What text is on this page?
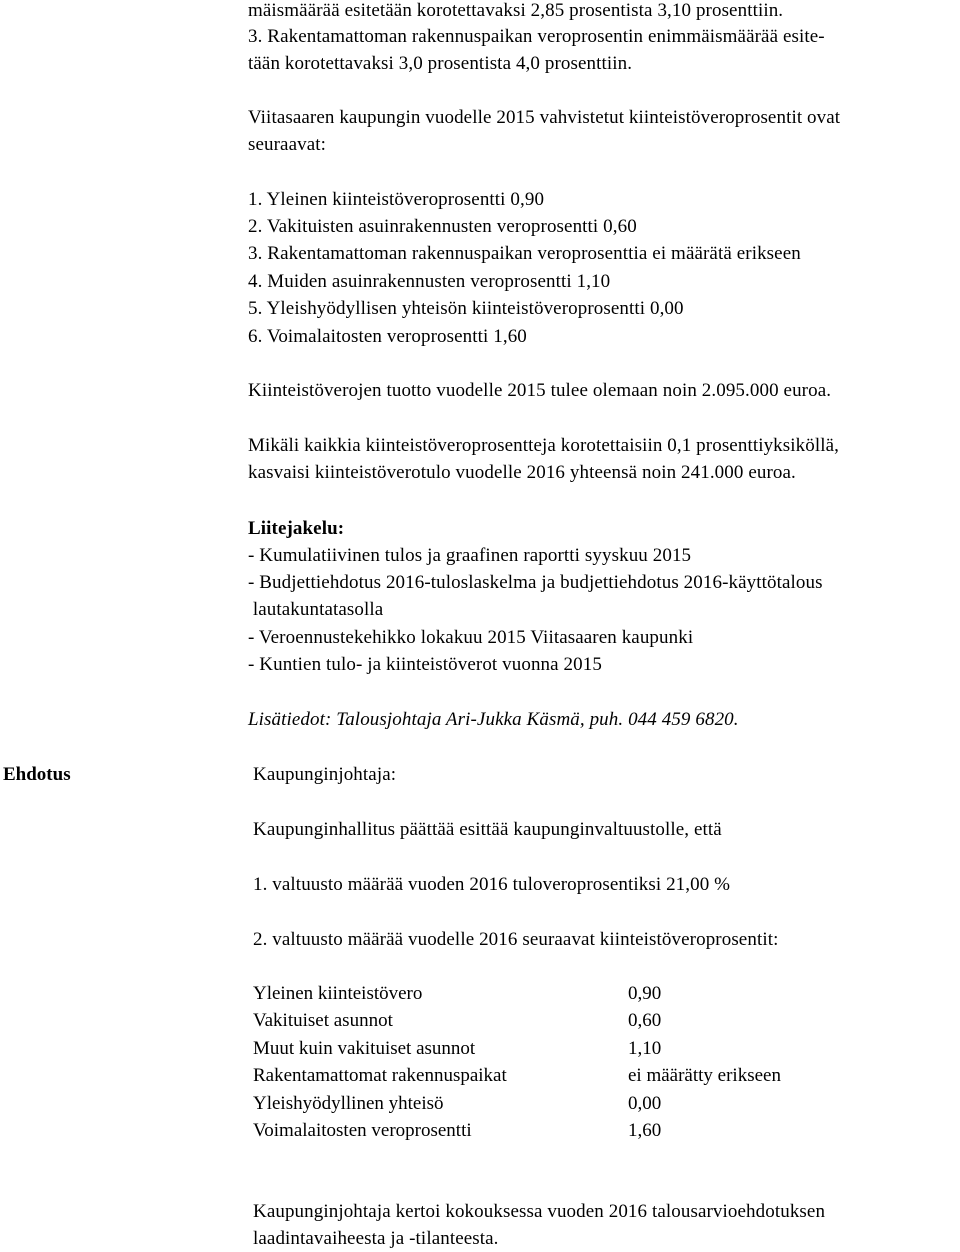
mäismäärää esitetään korotettavaksi 2,85 prosentista 3,10 prosenttiin.
3. Rakentamattoman rakennuspaikan veroprosentin enimmäismäärää esite-
tään korotettavaksi 3,0 prosentista 4,0 prosenttiin.
Viitasaaren kaupungin vuodelle 2015 vahvistetut kiinteistöveroprosentit ovat
seuraavat:
1. Yleinen kiinteistöveroprosentti 0,90
2. Vakituisten asuinrakennusten veroprosentti 0,60
3. Rakentamattoman rakennuspaikan veroprosenttia ei määrätä erikseen
4. Muiden asuinrakennusten veroprosentti 1,10
5. Yleishyödyllisen yhteisön kiinteistöveroprosentti 0,00
6. Voimalaitosten veroprosentti 1,60
Kiinteistöverojen tuotto vuodelle 2015 tulee olemaan noin 2.095.000 euroa.
Mikäli kaikkia kiinteistöveroprosentteja korotettaisiin 0,1 prosenttiyksiköllä,
kasvaisi kiinteistöverotulo vuodelle 2016 yhteensä noin 241.000 euroa.
Liitejakelu:
- Kumulatiivinen tulos ja graafinen raportti syyskuu 2015
- Budjettiehdotus 2016-tuloslaskelma ja budjettiehdotus 2016-käyttötalous
lautakuntatasolla
- Veroennustekehikko lokakuu 2015 Viitasaaren kaupunki
- Kuntien tulo- ja kiinteistöverot vuonna 2015
Lisätiedot: Talousjohtaja Ari-Jukka Käsmä, puh. 044 459 6820.
Ehdotus	Kaupunginjohtaja:
Kaupunginhallitus päättää esittää kaupunginvaltuustolle, että
1. valtuusto määrää vuoden 2016 tuloveroprosentiksi 21,00 %
2. valtuusto määrää vuodelle 2016 seuraavat kiinteistöveroprosentit:
Yleinen kiinteistövero	0,90
Vakituiset asunnot	0,60
Muut kuin vakituiset asunnot	1,10
Rakentamattomat rakennuspaikat	ei määrätty erikseen
Yleishyödyllinen yhteisö	0,00
Voimalaitosten veroprosentti	1,60
Kaupunginjohtaja kertoi kokouksessa vuoden 2016 talousarvioehdotuksen
laadintavaiheesta ja -tilanteesta.
